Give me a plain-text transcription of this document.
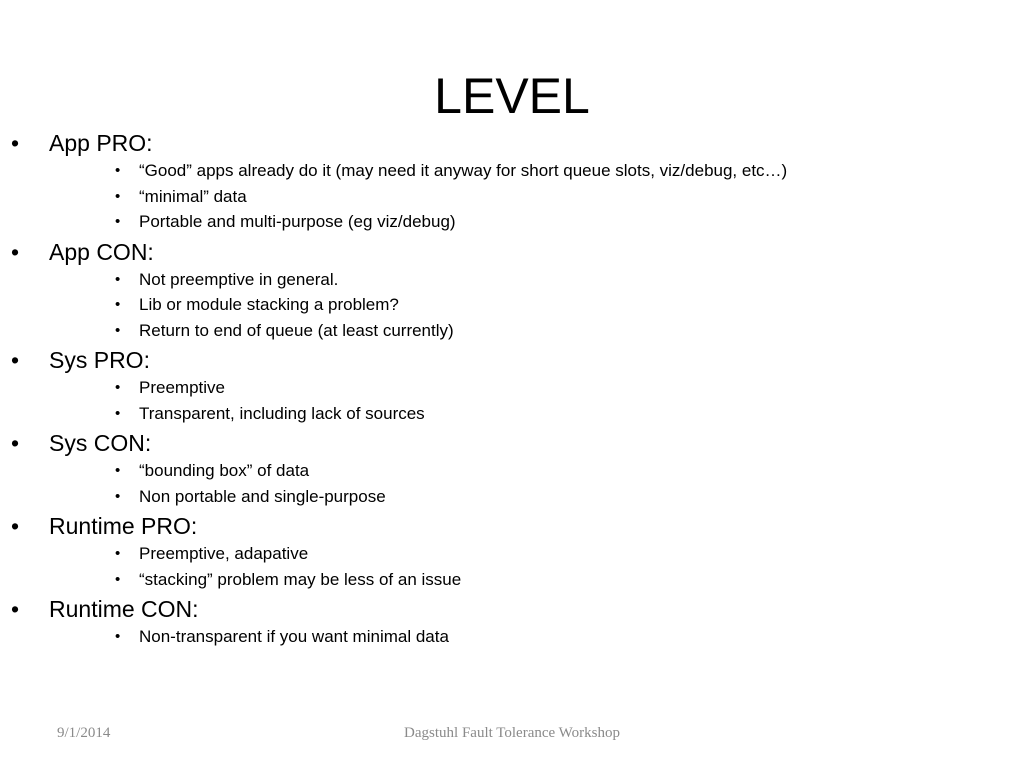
LEVEL
• App PRO:
• “Good” apps already do it (may need it anyway for short queue slots, viz/debug, etc…)
• “minimal” data
• Portable and multi-purpose (eg viz/debug)
• App CON:
• Not preemptive in general.
• Lib or module stacking a problem?
• Return to end of queue (at least currently)
• Sys PRO:
• Preemptive
• Transparent, including lack of sources
• Sys CON:
• “bounding box” of data
• Non portable and single-purpose
• Runtime PRO:
• Preemptive, adapative
• “stacking” problem may be less of an issue
• Runtime CON:
• Non-transparent if you want minimal data
9/1/2014	Dagstuhl Fault Tolerance Workshop
